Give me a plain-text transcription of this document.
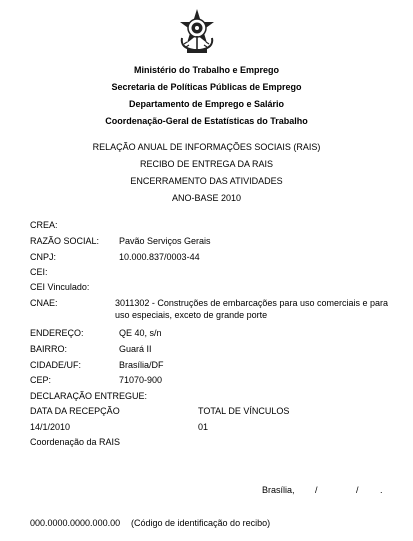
Ministério do Trabalho e Emprego
Secretaria de Políticas Públicas de Emprego
Departamento de Emprego e Salário
Coordenação-Geral de Estatísticas do Trabalho
RELAÇÃO ANUAL DE INFORMAÇÕES SOCIAIS (RAIS)
RECIBO DE ENTREGA DA RAIS
ENCERRAMENTO DAS ATIVIDADES
ANO-BASE 2010
CREA:
RAZÃO SOCIAL: Pavão Serviços Gerais
CNPJ:	10.000.837/0003-44
CEI:
CEI Vinculado:
CNAE:	3011302 - Construções de embarcações para uso comerciais e para uso especiais, exceto de grande porte
ENDEREÇO:	QE 40, s/n
BAIRRO:	Guará II
CIDADE/UF:	Brasília/DF
CEP:	71070-900
DECLARAÇÃO ENTREGUE:
DATA DA RECEPÇÃO	TOTAL DE VÍNCULOS
14/1/2010	01
Coordenação da RAIS
Brasília, /	/ .
000.0000.0000.000.00 (Código de identificação do recibo)
